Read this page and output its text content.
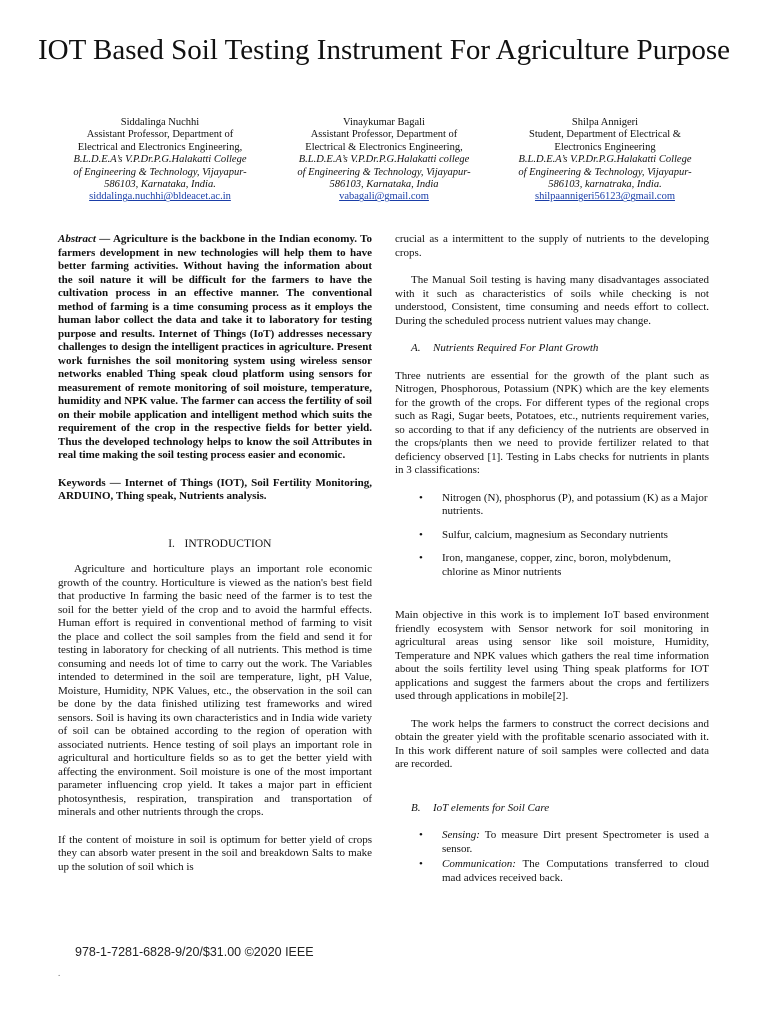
IOT Based Soil Testing Instrument For Agriculture Purpose
Siddalinga Nuchhi
Assistant Professor, Department of
Electrical and Electronics Engineering,
B.L.D.E.A’s V.P.Dr.P.G.Halakatti College
of Engineering & Technology, Vijayapur-
586103, Karnataka, India.
siddalinga.nuchhi@bldeacet.ac.in
Vinaykumar Bagali
Assistant Professor, Department of
Electrical & Electronics Engineering,
B.L.D.E.A’s V.P.Dr.P.G.Halakatti college
of Engineering & Technology, Vijayapur-
586103, Karnataka, India
vabagali@gmail.com
Shilpa Annigeri
Student, Department of Electrical &
Electronics Engineering
B.L.D.E.A’s V.P.Dr.P.G.Halakatti College
of Engineering & Technology, Vijayapur-
586103, karnatraka, India.
shilpaannigeri56123@gmail.com

Abstract — Agriculture is the backbone in the Indian economy. To farmers development in new technologies will help them to have better farming activities. Without having the information about the soil nature it will be difficult for the farmers to have the cultivation process in an effective manner. The conventional method of farming is a time consuming process as it employs the human labor collect the data and take it to laboratory for testing purpose and results. Internet of Things (IoT) addresses necessary challenges to design the intelligent practices in agriculture. Present work furnishes the soil monitoring system using wireless sensor networks enabled Thing speak cloud platform using sensors for measurement of remote monitoring of soil moisture, temperature, humidity and NPK value. The farmer can access the fertility of soil on their mobile application and intelligent method which suits the requirement of the crop in the respective fields for better yield. Thus the developed technology helps to know the soil Attributes in real time making the soil testing process easier and economic.

Keywords — Internet of Things (IOT), Soil Fertility Monitoring, ARDUINO, Thing speak, Nutrients analysis.

I. INTRODUCTION

Agriculture and horticulture plays an important role economic growth of the country. Horticulture is viewed as the nation's best field that productive In farming the basic need of the farmer is to test the soil for the better yield of the crop and to avoid the harmful effects. Human effort is required in conventional method of farming to visit the place and collect the soil samples from the field and send it for testing in laboratory for checking of all nutrients. This method is time consuming and needs lot of time to carry out the work. The Variables intended to determined in the soil are temperature, light, pH Value, Moisture, Humidity, NPK Values, etc., the observation in the soil can be done by the data finished utilizing test frameworks and wired sensors. Soil is having its own characteristics and in India wide variety of soil can be obtained according to the region of operation with associated nutrients. Hence testing of soil plays an important role in agricultural and horticulture fields so as to get the better yield with affecting the environment. Soil moisture is one of the most important parameter influencing crop yield. It takes a major part in efficient photosynthesis, respiration, transpiration and transportation of minerals and other nutrients through the crops.

If the content of moisture in soil is optimum for better yield of crops they can absorb water present in the soil and breakdown Salts to make up the solution of soil which is

crucial as a intermittent to the supply of nutrients to the developing crops.

The Manual Soil testing is having many disadvantages associated with it such as characteristics of soils while checking is not understood, Consistent, time consuming and needs effort to collect. During the scheduled process nutrient values may change.

A. Nutrients Required For Plant Growth

Three nutrients are essential for the growth of the plant such as Nitrogen, Phosphorous, Potassium (NPK) which are the key elements for the growth of the crops. For different types of the regional crops such as Ragi, Sugar beets, Potatoes, etc., nutrients requirement varies, so according to that if any deficiency of the nutrients are observed in the crops/plants then we need to provide fertilizer related to that deficiency observed [1]. Testing in Labs checks for nutrients in plants in 3 classifications:

• Nitrogen (N), phosphorus (P), and potassium (K) as a Major nutrients.
• Sulfur, calcium, magnesium as Secondary nutrients
• Iron, manganese, copper, zinc, boron, molybdenum, chlorine as Minor nutrients

Main objective in this work is to implement IoT based environment friendly ecosystem with Sensor network for soil monitoring in agricultural areas using sensor like soil moisture, Humidity, Temperature and NPK values which gathers the real time information about the soils fertility level using Thing speak platforms for IOT applications and suggest the farmers about the crops and fertilizers used through applications in mobile[2].

The work helps the farmers to construct the correct decisions and obtain the greater yield with the profitable scenario associated with it. In this work different nature of soil samples were collected and data are recorded.

B. IoT elements for Soil Care
• Sensing: To measure Dirt present Spectrometer is used a sensor.
• Communication: The Computations transferred to cloud mad advices received back.
978-1-7281-6828-9/20/$31.00 ©2020 IEEE
.
